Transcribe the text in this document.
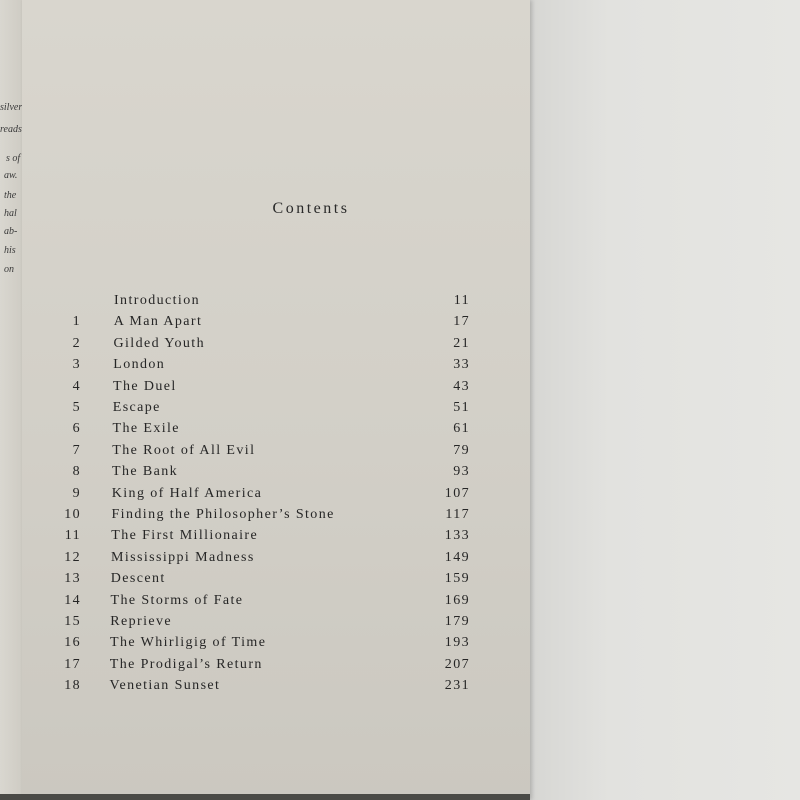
silver
reads
s of
aw.
the
hal
ab-
his
on
Contents
Introduction	11
1 A Man Apart	17
2 Gilded Youth	21
3 London	33
4 The Duel	43
5 Escape	51
6 The Exile	61
7 The Root of All Evil	79
8 The Bank	93
9 King of Half America	107
10 Finding the Philosopher’s Stone	117
11 The First Millionaire	133
12 Mississippi Madness	149
13 Descent	159
14 The Storms of Fate	169
15 Reprieve	179
16 The Whirligig of Time	193
17 The Prodigal’s Return	207
18 Venetian Sunset	231
